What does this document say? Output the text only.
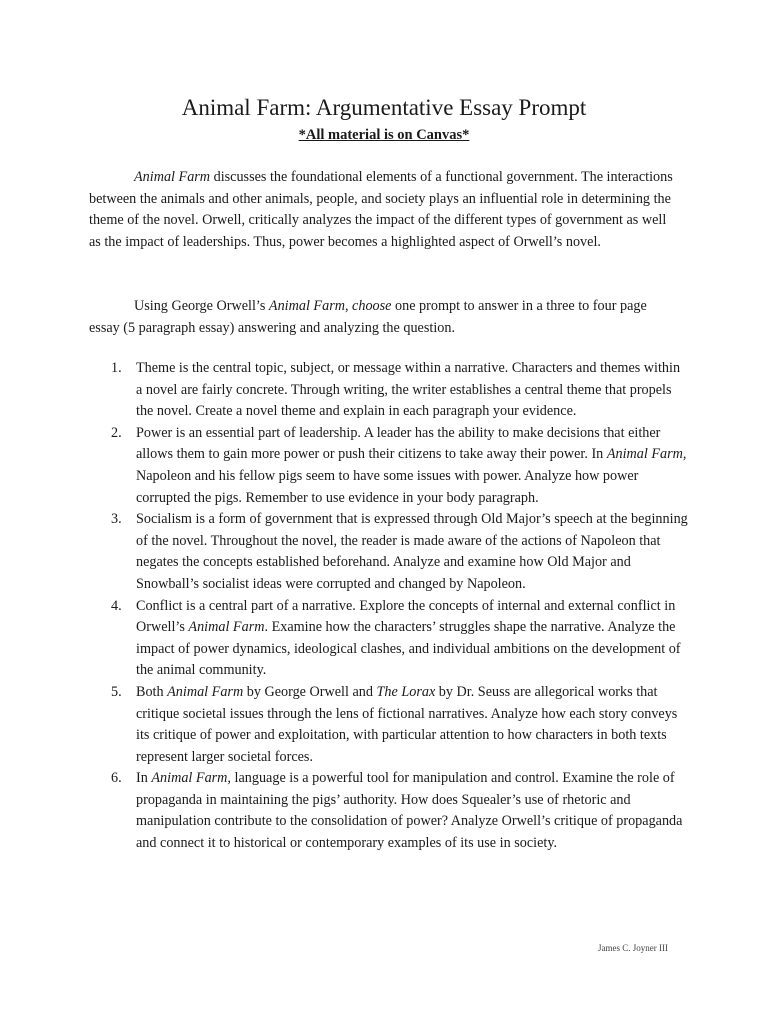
Animal Farm: Argumentative Essay Prompt
*All material is on Canvas*

Animal Farm discusses the foundational elements of a functional government. The interactions between the animals and other animals, people, and society plays an influential role in determining the theme of the novel. Orwell, critically analyzes the impact of the different types of government as well as the impact of leaderships. Thus, power becomes a highlighted aspect of Orwell’s novel.

Using George Orwell’s Animal Farm, choose one prompt to answer in a three to four page essay (5 paragraph essay) answering and analyzing the question.

1. Theme is the central topic, subject, or message within a narrative. Characters and themes within a novel are fairly concrete. Through writing, the writer establishes a central theme that propels the novel. Create a novel theme and explain in each paragraph your evidence.
2. Power is an essential part of leadership. A leader has the ability to make decisions that either allows them to gain more power or push their citizens to take away their power. In Animal Farm, Napoleon and his fellow pigs seem to have some issues with power. Analyze how power corrupted the pigs. Remember to use evidence in your body paragraph.
3. Socialism is a form of government that is expressed through Old Major’s speech at the beginning of the novel. Throughout the novel, the reader is made aware of the actions of Napoleon that negates the concepts established beforehand. Analyze and examine how Old Major and Snowball’s socialist ideas were corrupted and changed by Napoleon.
4. Conflict is a central part of a narrative. Explore the concepts of internal and external conflict in Orwell’s Animal Farm. Examine how the characters’ struggles shape the narrative. Analyze the impact of power dynamics, ideological clashes, and individual ambitions on the development of the animal community.
5. Both Animal Farm by George Orwell and The Lorax by Dr. Seuss are allegorical works that critique societal issues through the lens of fictional narratives. Analyze how each story conveys its critique of power and exploitation, with particular attention to how characters in both texts represent larger societal forces.
6. In Animal Farm, language is a powerful tool for manipulation and control. Examine the role of propaganda in maintaining the pigs’ authority. How does Squealer’s use of rhetoric and manipulation contribute to the consolidation of power? Analyze Orwell’s critique of propaganda and connect it to historical or contemporary examples of its use in society.
James C. Joyner III
